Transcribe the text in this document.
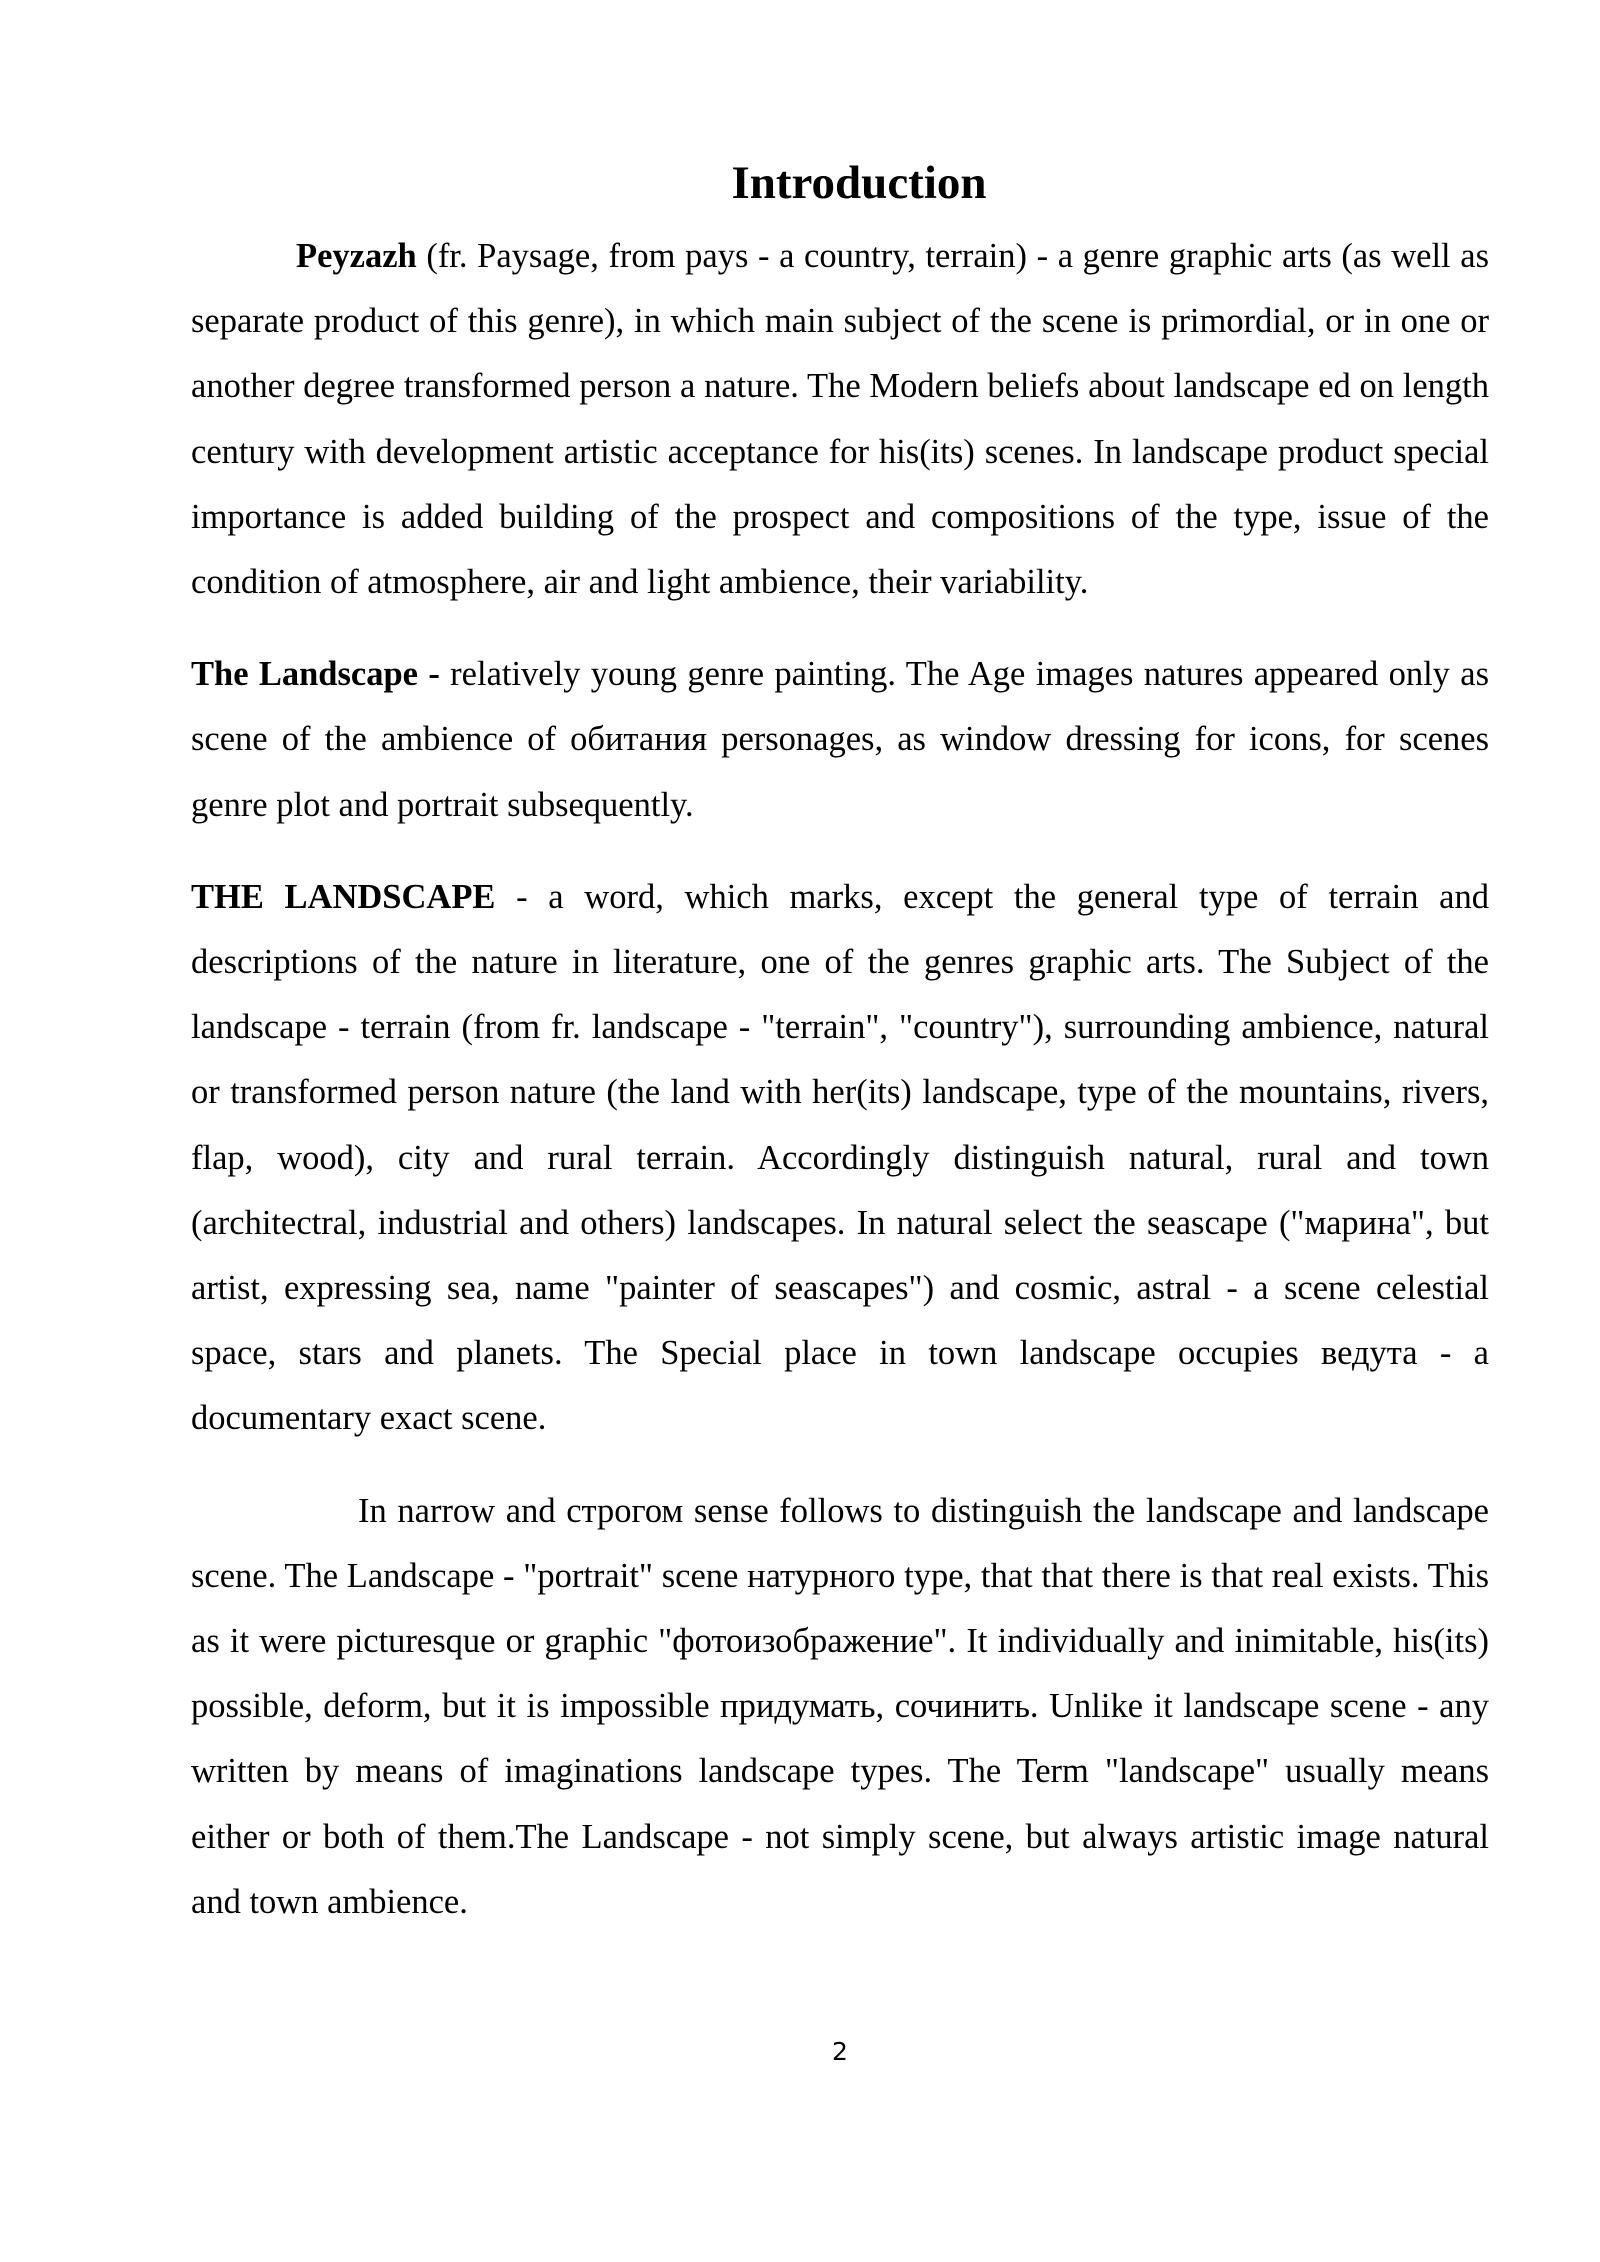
Introduction

Peyzazh (fr. Paysage, from pays - a country, terrain) - a genre graphic arts (as well as separate product of this genre), in which main subject of the scene is primordial, or in one or another degree transformed person a nature. The Modern beliefs about landscape ed on length century with development artistic acceptance for his(its) scenes. In landscape product special importance is added building of the prospect and compositions of the type, issue of the condition of atmosphere, air and light ambience, their variability.

The Landscape - relatively young genre painting. The Age images natures appeared only as scene of the ambience of обитания personages, as window dressing for icons, for scenes genre plot and portrait subsequently.

THE LANDSCAPE - a word, which marks, except the general type of terrain and descriptions of the nature in literature, one of the genres graphic arts. The Subject of the landscape - terrain (from fr. landscape - "terrain", "country"), surrounding ambience, natural or transformed person nature (the land with her(its) landscape, type of the mountains, rivers, flap, wood), city and rural terrain. Accordingly distinguish natural, rural and town (architectral, industrial and others) landscapes. In natural select the seascape ("марина", but artist, expressing sea, name "painter of seascapes") and cosmic, astral - a scene celestial space, stars and planets. The Special place in town landscape occupies ведута - a documentary exact scene.

In narrow and строгом sense follows to distinguish the landscape and landscape scene. The Landscape - "portrait" scene натурного type, that that there is that real exists. This as it were picturesque or graphic "фотоизображение". It individually and inimitable, his(its) possible, deform, but it is impossible придумать, сочинить. Unlike it landscape scene - any written by means of imaginations landscape types. The Term "landscape" usually means either or both of them.The Landscape - not simply scene, but always artistic image natural and town ambience.

2
